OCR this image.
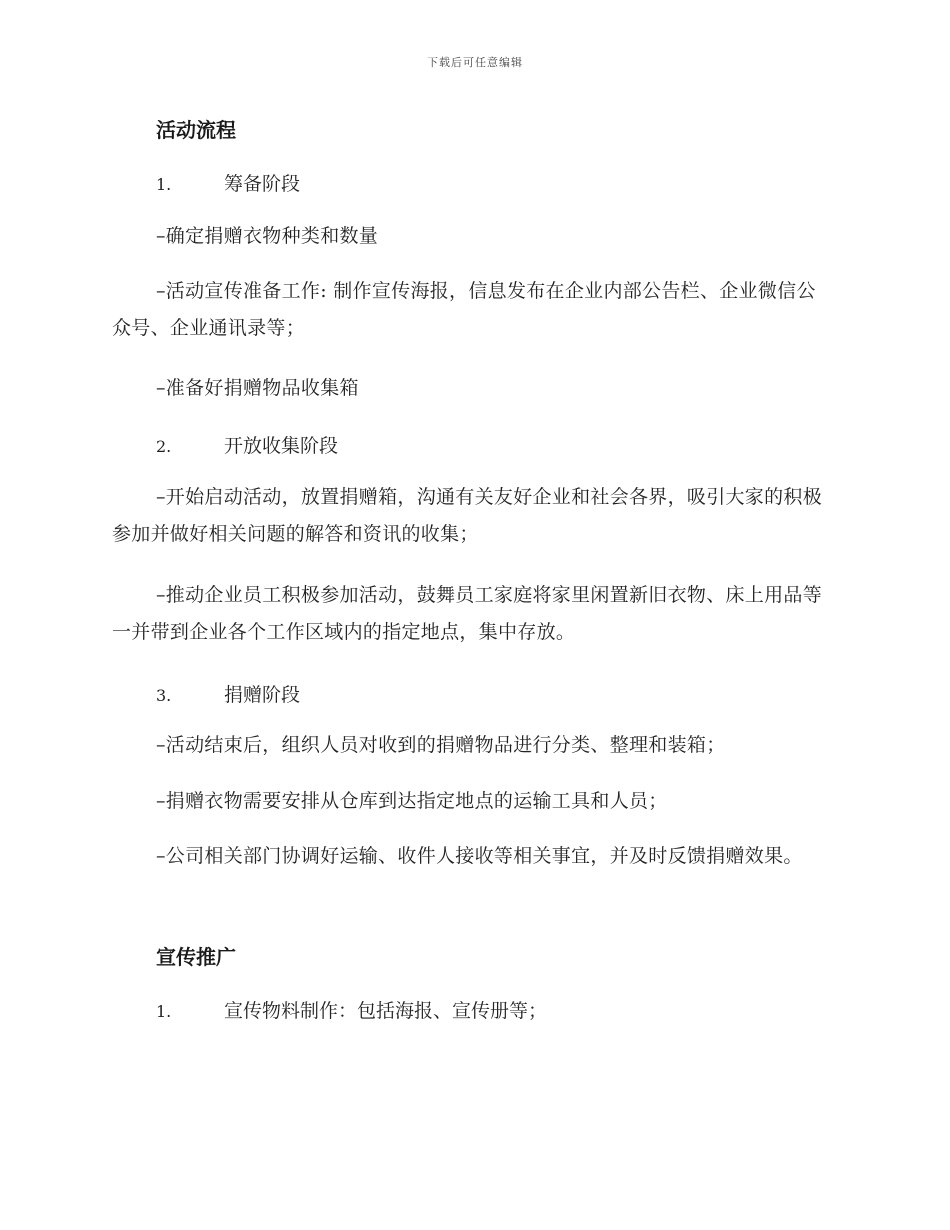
下载后可任意编辑
活动流程
1.	筹备阶段
–确定捐赠衣物种类和数量
–活动宣传准备工作: 制作宣传海报，信息发布在企业内部公告栏、企业微信公众号、企业通讯录等；
–准备好捐赠物品收集箱
2.	开放收集阶段
–开始启动活动，放置捐赠箱，沟通有关友好企业和社会各界，吸引大家的积极参加并做好相关问题的解答和资讯的收集；
–推动企业员工积极参加活动，鼓舞员工家庭将家里闲置新旧衣物、床上用品等一并带到企业各个工作区域内的指定地点，集中存放。
3.	捐赠阶段
–活动结束后，组织人员对收到的捐赠物品进行分类、整理和装箱；
–捐赠衣物需要安排从仓库到达指定地点的运输工具和人员；
–公司相关部门协调好运输、收件人接收等相关事宜，并及时反馈捐赠效果。
宣传推广
1.	宣传物料制作：包括海报、宣传册等；
